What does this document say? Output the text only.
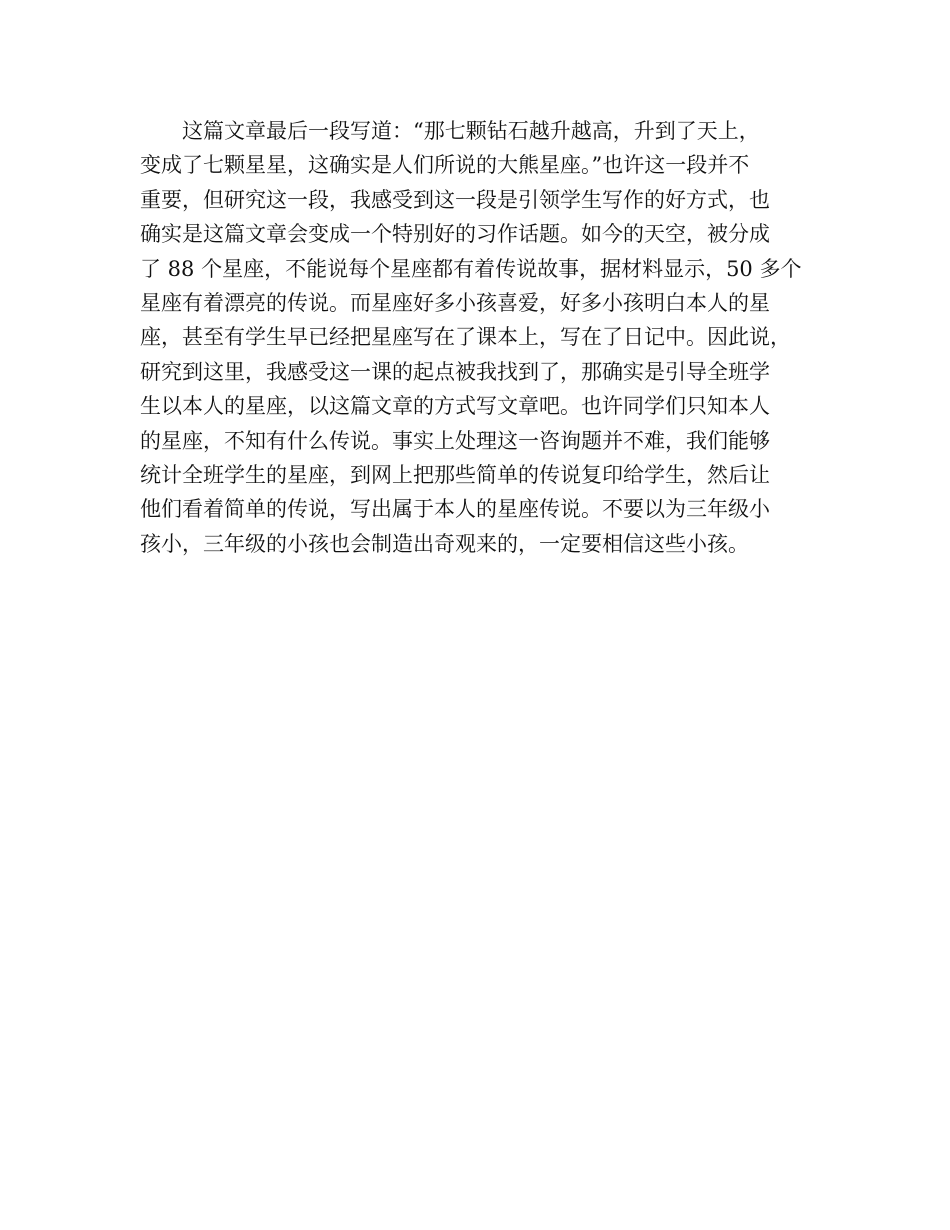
这篇文章最后一段写道：“那七颗钻石越升越高，升到了天上，
变成了七颗星星，这确实是人们所说的大熊星座。”也许这一段并不
重要，但研究这一段，我感受到这一段是引领学生写作的好方式，也
确实是这篇文章会变成一个特别好的习作话题。如今的天空，被分成
了 88 个星座，不能说每个星座都有着传说故事，据材料显示，50 多个
星座有着漂亮的传说。而星座好多小孩喜爱，好多小孩明白本人的星
座，甚至有学生早已经把星座写在了课本上，写在了日记中。因此说，
研究到这里，我感受这一课的起点被我找到了，那确实是引导全班学
生以本人的星座，以这篇文章的方式写文章吧。也许同学们只知本人
的星座，不知有什么传说。事实上处理这一咨询题并不难，我们能够
统计全班学生的星座，到网上把那些简单的传说复印给学生，然后让
他们看着简单的传说，写出属于本人的星座传说。不要以为三年级小
孩小，三年级的小孩也会制造出奇观来的，一定要相信这些小孩。
